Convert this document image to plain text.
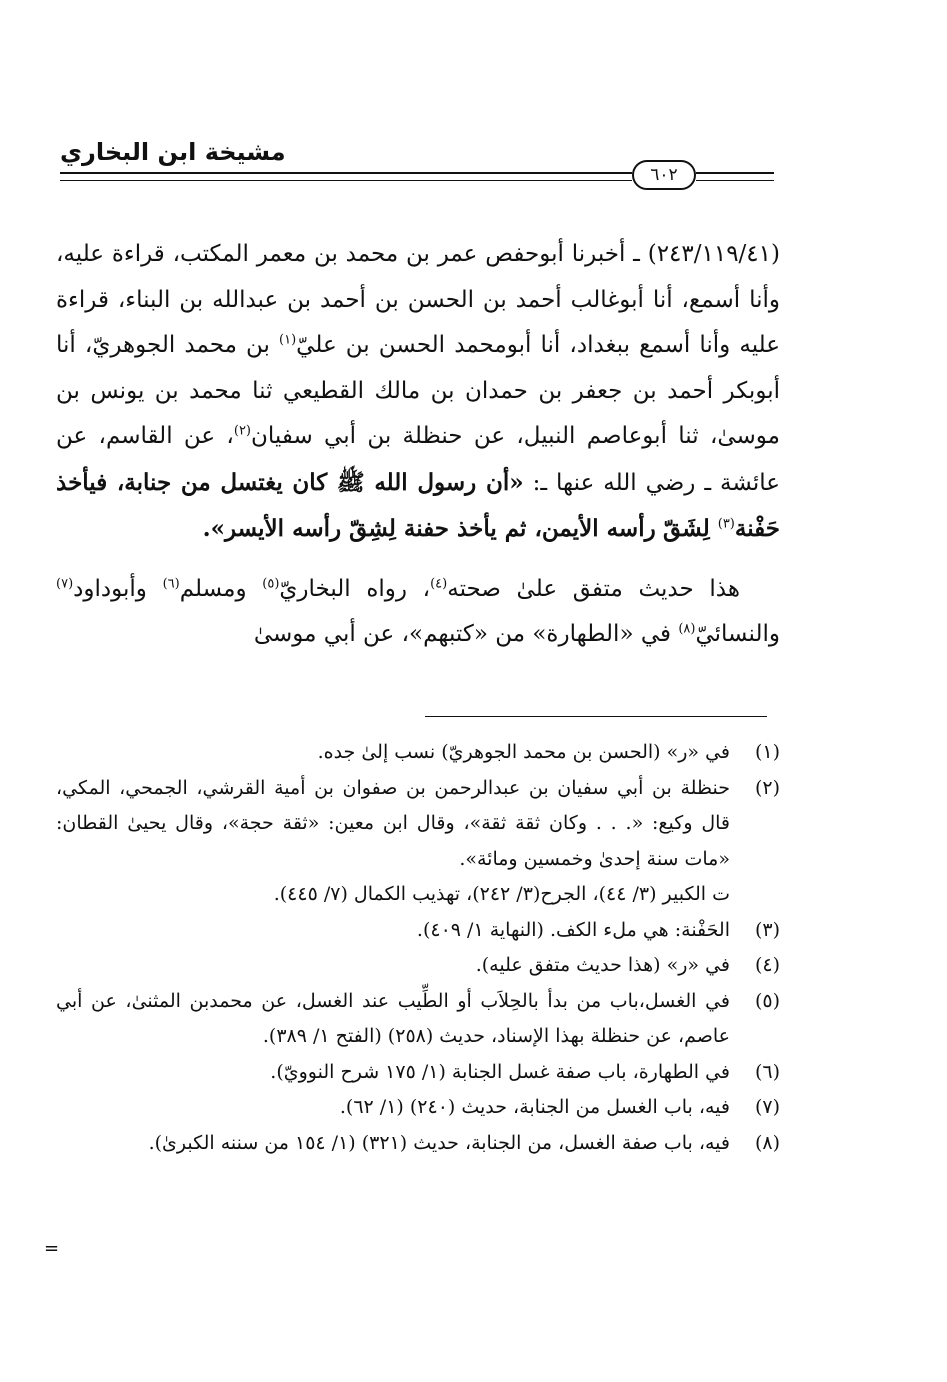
مشيخة ابن البخاري
٦٠٢

(٢٤٣/١١٩/٤١) ـ أخبرنا أبوحفص عمر بن محمد بن معمر المكتب، قراءة عليه، وأنا أسمع، أنا أبوغالب أحمد بن الحسن بن أحمد بن عبدالله بن البناء، قراءة عليه وأنا أسمع ببغداد، أنا أبومحمد الحسن بن عليّ$^{(١)}$ بن محمد الجوهريّ، أنا أبوبكر أحمد بن جعفر بن حمدان بن مالك القطيعي ثنا محمد بن يونس بن موسىٰ، ثنا أبوعاصم النبيل، عن حنظلة بن أبي سفيان$^{(٢)}$، عن القاسم، عن عائشة ـ رضي الله عنها ـ: «أن رسول الله ﷺ كان يغتسل من جنابة، فيأخذ حَفْنة$^{(٣)}$ لِشَقّ رأسه الأيمن، ثم يأخذ حفنة لِشِقّ رأسه الأيسر».

هذا حديث متفق علىٰ صحته$^{(٤)}$، رواه البخاريّ$^{(٥)}$ ومسلم$^{(٦)}$ وأبوداود$^{(٧)}$ والنسائيّ$^{(٨)}$ في «الطهارة» من «كتبهم»، عن أبي موسىٰ

(١)
في «ر» (الحسن بن محمد الجوهريّ) نسب إلىٰ جده.
(٢)
حنظلة بن أبي سفيان بن عبدالرحمن بن صفوان بن أمية القرشي، الجمحي، المكي، قال وكيع: «. . . وكان ثقة ثقة»، وقال ابن معين: «ثقة حجة»، وقال يحيىٰ القطان: «مات سنة إحدىٰ وخمسين ومائة».
ت الكبير (٣/ ٤٤)، الجرح(٣/ ٢٤٢)، تهذيب الكمال (٧/ ٤٤٥).
(٣)
الحَفْنة: هي ملء الكف. (النهاية ١/ ٤٠٩).
(٤)
في «ر» (هذا حديث متفق عليه).
(٥)
في الغسل،باب من بدأ بالحِلاَب أو الطِّيب عند الغسل، عن محمدبن المثنىٰ، عن أبي عاصم، عن حنظلة بهذا الإسناد، حديث (٢٥٨) (الفتح ١/ ٣٨٩).
(٦)
في الطهارة، باب صفة غسل الجنابة (١/ ١٧٥ شرح النوويّ).
(٧)
فيه، باب الغسل من الجنابة، حديث (٢٤٠) (١/ ٦٢).
(٨)
فيه، باب صفة الغسل، من الجنابة، حديث (٣٢١) (١/ ١٥٤ من سننه الكبرىٰ).
=
